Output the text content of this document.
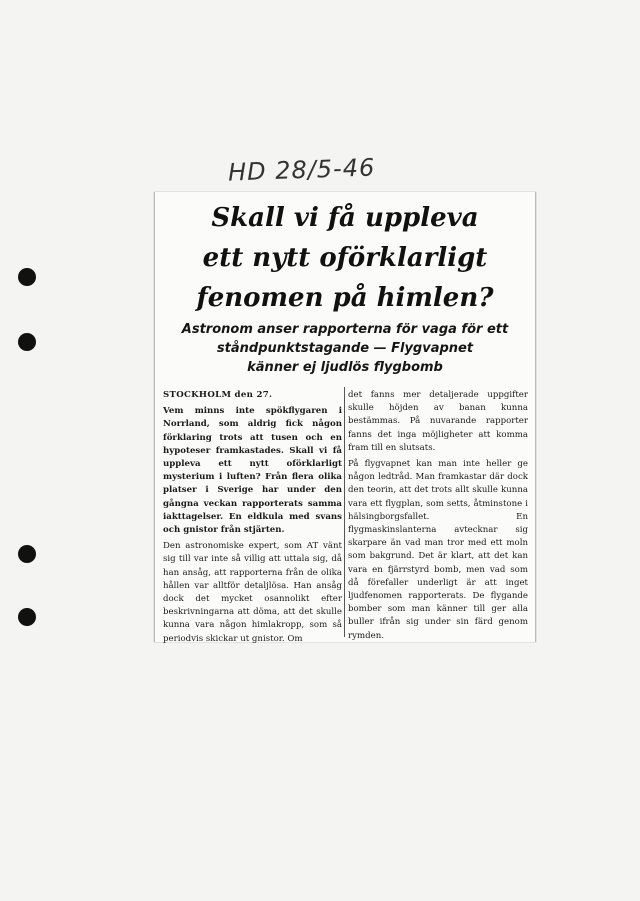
HD 28/5-46
Skall vi få uppleva
ett nytt oförklarligt
fenomen på himlen?
Astronom anser rapporterna för vaga för ett
ståndpunktstagande — Flygvapnet
känner ej ljudlös flygbomb

STOCKHOLM den 27.

Vem minns inte spökflygaren i Norrland, som aldrig fick någon förklaring trots att tusen och en hypoteser framkastades. Skall vi få uppleva ett nytt oförklarligt mysterium i luften? Från flera olika platser i Sverige har under den gångna veckan rapporterats samma iakttagelser. En eldkula med svans och gnistor från stjärten.

Den astronomiske expert, som AT vänt sig till var inte så villig att uttala sig, då han ansåg, att rapporterna från de olika hållen var alltför detaljlösa. Han ansåg dock det mycket osannolikt efter beskrivningarna att döma, att det skulle kunna vara någon himlakropp, som så periodvis skickar ut gnistor. Om

det fanns mer detaljerade uppgifter skulle höjden av banan kunna bestämmas. På nuvarande rapporter fanns det inga möjligheter att komma fram till en slutsats.

På flygvapnet kan man inte heller ge någon ledtråd. Man framkastar där dock den teorin, att det trots allt skulle kunna vara ett flygplan, som setts, åtminstone i hälsingborgsfallet. En flygmaskinslanterna avtecknar sig skarpare än vad man tror med ett moln som bakgrund. Det är klart, att det kan vara en fjärrstyrd bomb, men vad som då förefaller underligt är att inget ljudfenomen rapporterats. De flygande bomber som man känner till ger alla buller ifrån sig under sin färd genom rymden.
